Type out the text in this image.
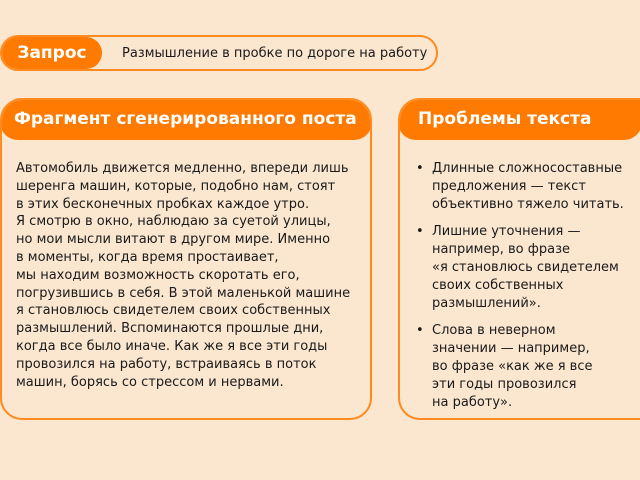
Запрос	Размышление в пробке по дороге на работу
Фрагмент сгенерированного поста
Автомобиль движется медленно, впереди лишь
шеренга машин, которые, подобно нам, стоят
в этих бесконечных пробках каждое утро.
Я смотрю в окно, наблюдаю за суетой улицы,
но мои мысли витают в другом мире. Именно
в моменты, когда время простаивает,
мы находим возможность скоротать его,
погрузившись в себя. В этой маленькой машине
я становлюсь свидетелем своих собственных
размышлений. Вспоминаются прошлые дни,
когда все было иначе. Как же я все эти годы
провозился на работу, встраиваясь в поток
машин, борясь со стрессом и нервами.
Проблемы текста
• Длинные сложносоставные
предложения — текст
объективно тяжело читать.
• Лишние уточнения —
например, во фразе
«я становлюсь свидетелем
своих собственных
размышлений».
• Слова в неверном
значении — например,
во фразе «как же я все
эти годы провозился
на работу».
